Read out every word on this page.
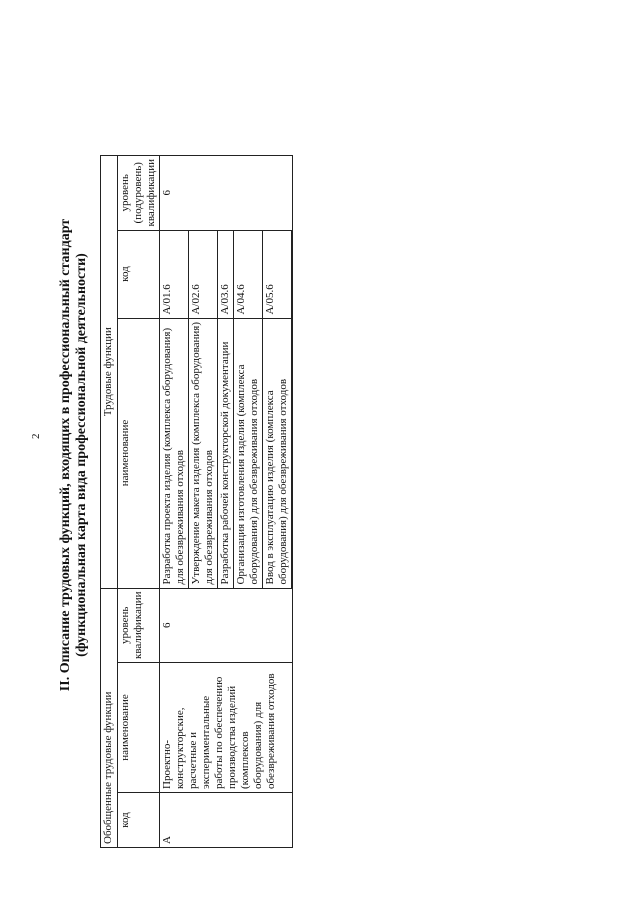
2 II. Описание трудовых функций, входящих в профессиональный стандарт (функциональная карта вида профессиональной деятельности)
Обобщенные трудовые функции			Трудовые функции		
код	наименование	уровень квалификации	наименование	код	уровень (подуровень) квалификации
A	Проектно-конструкторские, расчетные и экспериментальные работы по обеспечению производства изделий (комплексов оборудования) для обезвреживания отходов	6	Разработка проекта изделия (комплекса оборудования) для обезвреживания отходов	A/01.6	6
			Утверждение макета изделия (комплекса оборудования) для обезвреживания отходов	A/02.6	
			Разработка рабочей конструкторской документации	A/03.6	
			Организация изготовления изделия (комплекса оборудования) для обезвреживания отходов	A/04.6	
			Ввод в эксплуатацию изделия (комплекса оборудования) для обезвреживания отходов	A/05.6	
